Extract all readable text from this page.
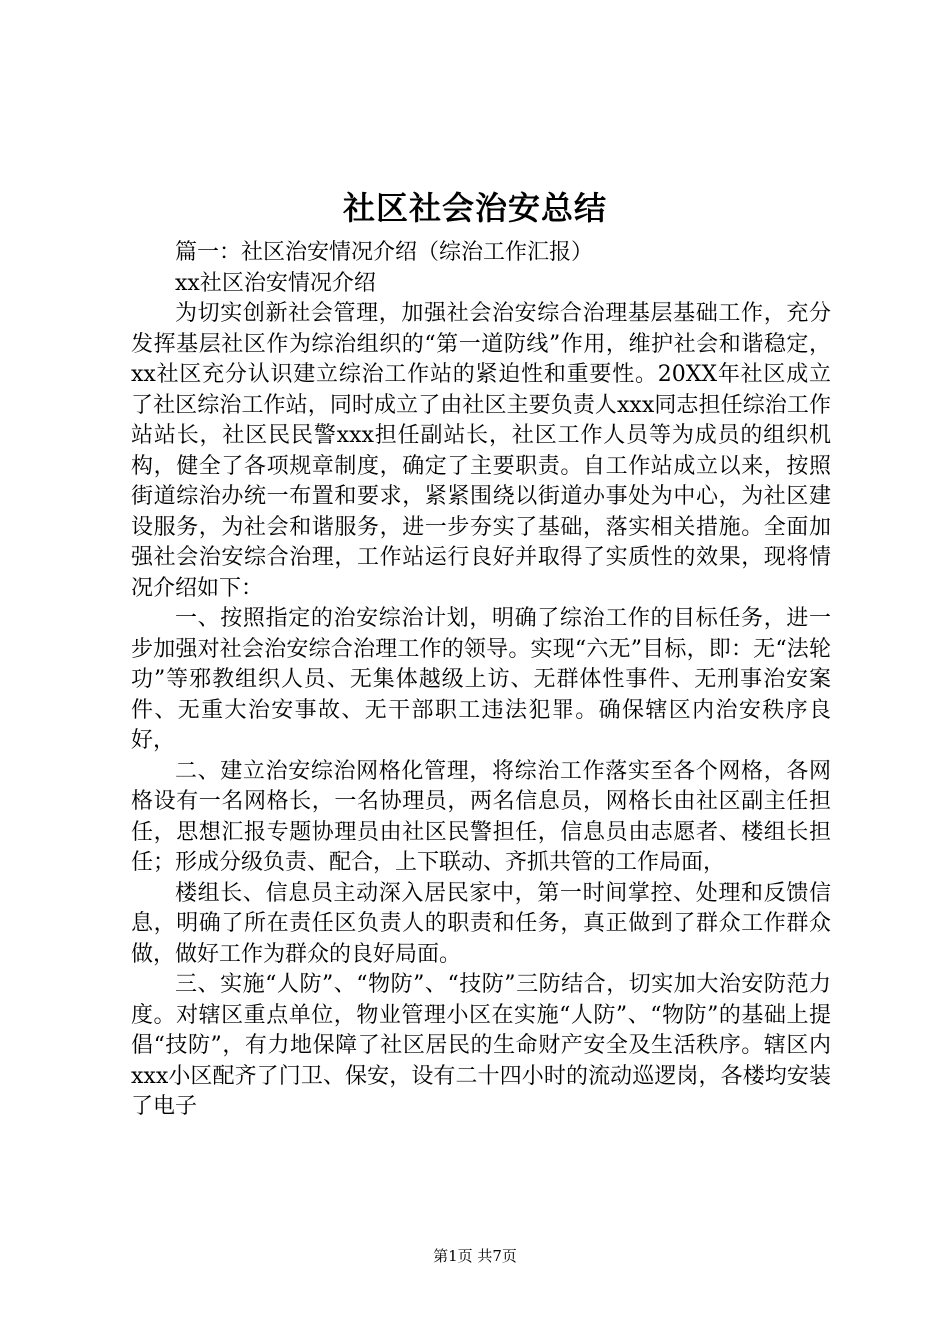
社区社会治安总结

篇一：社区治安情况介绍（综治工作汇报）

xx社区治安情况介绍

为切实创新社会管理，加强社会治安综合治理基层基础工作，充分发挥基层社区作为综治组织的“第一道防线”作用，维护社会和谐稳定，xx社区充分认识建立综治工作站的紧迫性和重要性。20XX年社区成立了社区综治工作站，同时成立了由社区主要负责人xxx同志担任综治工作站站长，社区民民警xxx担任副站长，社区工作人员等为成员的组织机构，健全了各项规章制度，确定了主要职责。自工作站成立以来，按照街道综治办统一布置和要求，紧紧围绕以街道办事处为中心，为社区建设服务，为社会和谐服务，进一步夯实了基础，落实相关措施。全面加强社会治安综合治理，工作站运行良好并取得了实质性的效果，现将情况介绍如下：

一、按照指定的治安综治计划，明确了综治工作的目标任务，进一步加强对社会治安综合治理工作的领导。实现“六无”目标，即：无“法轮功”等邪教组织人员、无集体越级上访、无群体性事件、无刑事治安案件、无重大治安事故、无干部职工违法犯罪。确保辖区内治安秩序良好，

二、建立治安综治网格化管理，将综治工作落实至各个网格，各网格设有一名网格长，一名协理员，两名信息员，网格长由社区副主任担任，思想汇报专题协理员由社区民警担任，信息员由志愿者、楼组长担任；形成分级负责、配合，上下联动、齐抓共管的工作局面，

楼组长、信息员主动深入居民家中，第一时间掌控、处理和反馈信息，明确了所在责任区负责人的职责和任务，真正做到了群众工作群众做，做好工作为群众的良好局面。

三、实施“人防”、“物防”、“技防”三防结合，切实加大治安防范力度。对辖区重点单位，物业管理小区在实施“人防”、“物防”的基础上提倡“技防”，有力地保障了社区居民的生命财产安全及生活秩序。辖区内xxx小区配齐了门卫、保安，设有二十四小时的流动巡逻岗，各楼均安装了电子

第1页 共7页
